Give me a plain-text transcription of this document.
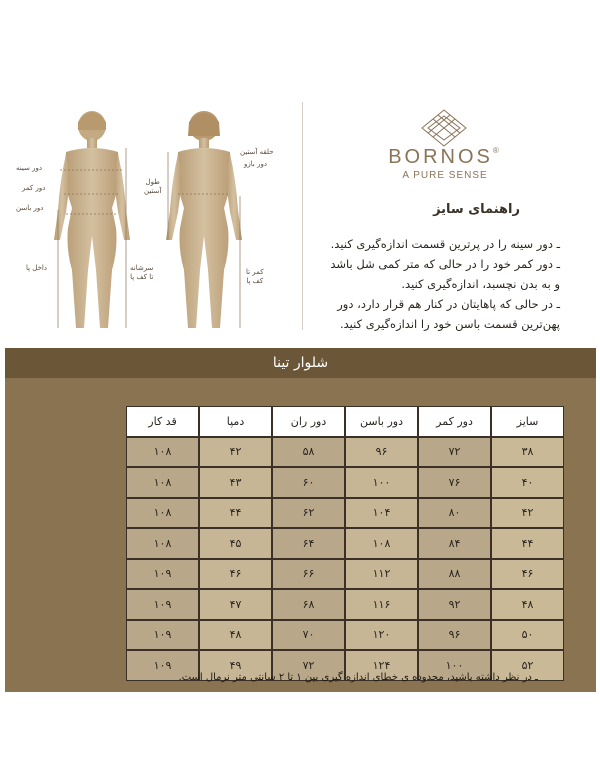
دور سینه
دور کمر
دور باسن
داخل پا	سرشانه
تا کف پا
حلقه آستین
دور بازو
طول
آستین
کمر تا
کف پا
BORNOS®
A PURE SENSE
راهنمای سایز

ـ دور سینه را در پرترین قسمت اندازه‌گیری کنید.

ـ دور کمر خود را در حالی که متر کمی شل باشد

و به بدن نچسبد، اندازه‌گیری کنید.

ـ در حالی که پاهایتان در کنار هم قرار دارد، دور

پهن‌ترین قسمت باسن خود را اندازه‌گیری کنید.

شلوار تینا
سایز	دور کمر	دور باسن	دور ران	دمپا	قد کار
۳۸	۷۲	۹۶	۵۸	۴۲	۱۰۸
۴۰	۷۶	۱۰۰	۶۰	۴۳	۱۰۸
۴۲	۸۰	۱۰۴	۶۲	۴۴	۱۰۸
۴۴	۸۴	۱۰۸	۶۴	۴۵	۱۰۸
۴۶	۸۸	۱۱۲	۶۶	۴۶	۱۰۹
۴۸	۹۲	۱۱۶	۶۸	۴۷	۱۰۹
۵۰	۹۶	۱۲۰	۷۰	۴۸	۱۰۹
۵۲	۱۰۰	۱۲۴	۷۲	۴۹	۱۰۹
ـ در نظر داشته باشید، محدوده ی خطای اندازه گیری بین ۱ تا ۲ سانتی متر نرمال است.
